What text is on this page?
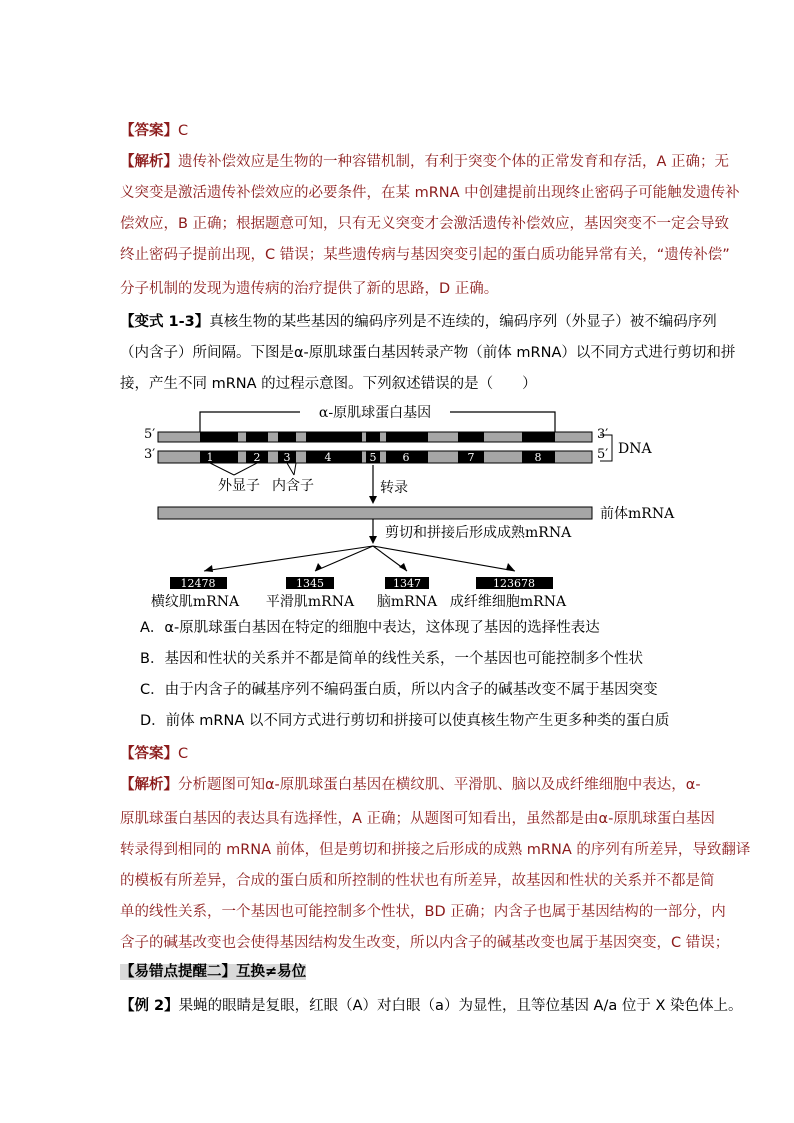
【答案】C
【解析】遗传补偿效应是生物的一种容错机制，有利于突变个体的正常发育和存活，A 正确；无
义突变是激活遗传补偿效应的必要条件，在某 mRNA 中创建提前出现终止密码子可能触发遗传补
偿效应，B 正确；根据题意可知，只有无义突变才会激活遗传补偿效应，基因突变不一定会导致
终止密码子提前出现，C 错误；某些遗传病与基因突变引起的蛋白质功能异常有关，“遗传补偿”
分子机制的发现为遗传病的治疗提供了新的思路，D 正确。
【变式 1-3】真核生物的某些基因的编码序列是不连续的，编码序列（外显子）被不编码序列
（内含子）所间隔。下图是α-原肌球蛋白基因转录产物（前体 mRNA）以不同方式进行剪切和拼
接，产生不同 mRNA 的过程示意图。下列叙述错误的是（　　）
α-原肌球蛋白基因
5′	3′
3′	5′
1	2 3	4	5 6	7	8
DNA
外显子 内含子	转录
前体mRNA
剪切和拼接后形成成熟mRNA
12478	1345	1347	123678
横纹肌mRNA 平滑肌mRNA 脑mRNA 成纤维细胞mRNA
A．α-原肌球蛋白基因在特定的细胞中表达，这体现了基因的选择性表达
B．基因和性状的关系并不都是简单的线性关系，一个基因也可能控制多个性状
C．由于内含子的碱基序列不编码蛋白质，所以内含子的碱基改变不属于基因突变
D．前体 mRNA 以不同方式进行剪切和拼接可以使真核生物产生更多种类的蛋白质
【答案】C
【解析】分析题图可知α-原肌球蛋白基因在横纹肌、平滑肌、脑以及成纤维细胞中表达，α-
原肌球蛋白基因的表达具有选择性，A 正确；从题图可知看出，虽然都是由α-原肌球蛋白基因
转录得到相同的 mRNA 前体，但是剪切和拼接之后形成的成熟 mRNA 的序列有所差异，导致翻译
的模板有所差异，合成的蛋白质和所控制的性状也有所差异，故基因和性状的关系并不都是简
单的线性关系，一个基因也可能控制多个性状，BD 正确；内含子也属于基因结构的一部分，内
含子的碱基改变也会使得基因结构发生改变，所以内含子的碱基改变也属于基因突变，C 错误；
【易错点提醒二】互换≠易位
【例 2】果蝇的眼睛是复眼，红眼（A）对白眼（a）为显性，且等位基因 A/a 位于 X 染色体上。
